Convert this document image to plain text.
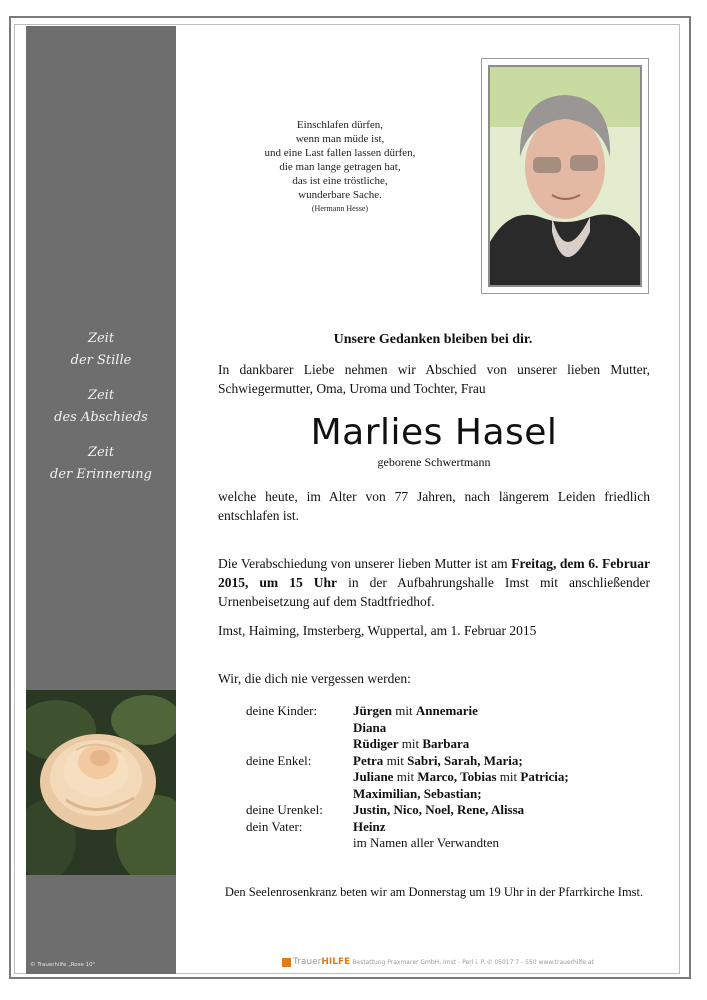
Zeit
der Stille
Zeit
des Abschieds
Zeit
der Erinnerung
© Trauerhilfe „Rose 10"
Einschlafen dürfen,
wenn man müde ist,
und eine Last fallen lassen dürfen,
die man lange getragen hat,
das ist eine tröstliche,
wunderbare Sache.
(Hermann Hesse)
Unsere Gedanken bleiben bei dir.
In dankbarer Liebe nehmen wir Abschied von unserer lieben Mutter, Schwiegermutter, Oma, Uroma und Tochter, Frau
Marlies Hasel
geborene Schwertmann
welche heute, im Alter von 77 Jahren, nach längerem Leiden friedlich entschlafen ist.
Die Verabschiedung von unserer lieben Mutter ist am Freitag, dem 6. Februar 2015, um 15 Uhr in der Aufbahrungshalle Imst mit anschließender Urnenbeisetzung auf dem Stadtfriedhof.
Imst, Haiming, Imsterberg, Wuppertal, am 1. Februar 2015
Wir, die dich nie vergessen werden:
deine Kinder:	Jürgen mit Annemarie
Diana
Rüdiger mit Barbara
deine Enkel:	Petra mit Sabri, Sarah, Maria;
Juliane mit Marco, Tobias mit Patricia;
Maximilian, Sebastian;
deine Urenkel:	Justin, Nico, Noel, Rene, Alissa
dein Vater:	Heinz
im Namen aller Verwandten
Den Seelenrosenkranz beten wir am Donnerstag um 19 Uhr in der Pfarrkirche Imst.
TrauerHILFE Bestattung Praxmarer GmbH, Imst - Perl i. P. ✆ 05017 7 - 550 www.trauerhilfe.at
